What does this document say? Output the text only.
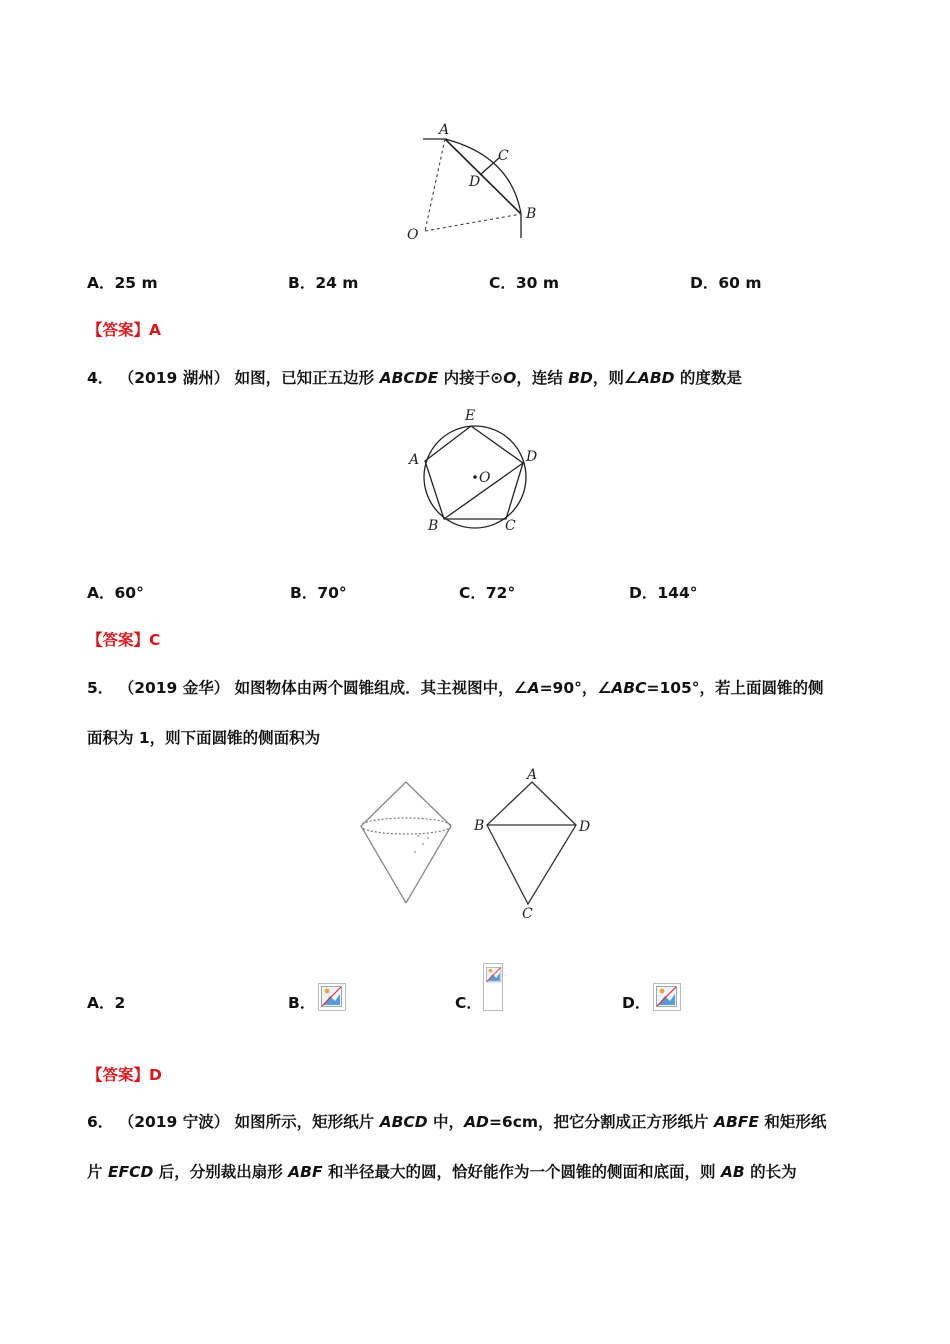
A
C
D
B
O
A．25 m	B．24 m	C．30 m	D．60 m
【答案】A
4． （2019 湖州） 如图，已知正五边形 ABCDE 内接于⊙O，连结 BD，则∠ABD 的度数是
E
D
A
O
B	C
A．60°	B．70°	C．72°	D．144°
【答案】C
5． （2019 金华） 如图物体由两个圆锥组成．其主视图中，∠A=90°，∠ABC=105°，若上面圆锥的侧
面积为 1，则下面圆锥的侧面积为
A
B	D
C
A．2	B．	C．	D．
【答案】D
6． （2019 宁波） 如图所示，矩形纸片 ABCD 中，AD=6cm，把它分割成正方形纸片 ABFE 和矩形纸
片 EFCD 后，分别裁出扇形 ABF 和半径最大的圆，恰好能作为一个圆锥的侧面和底面，则 AB 的长为
